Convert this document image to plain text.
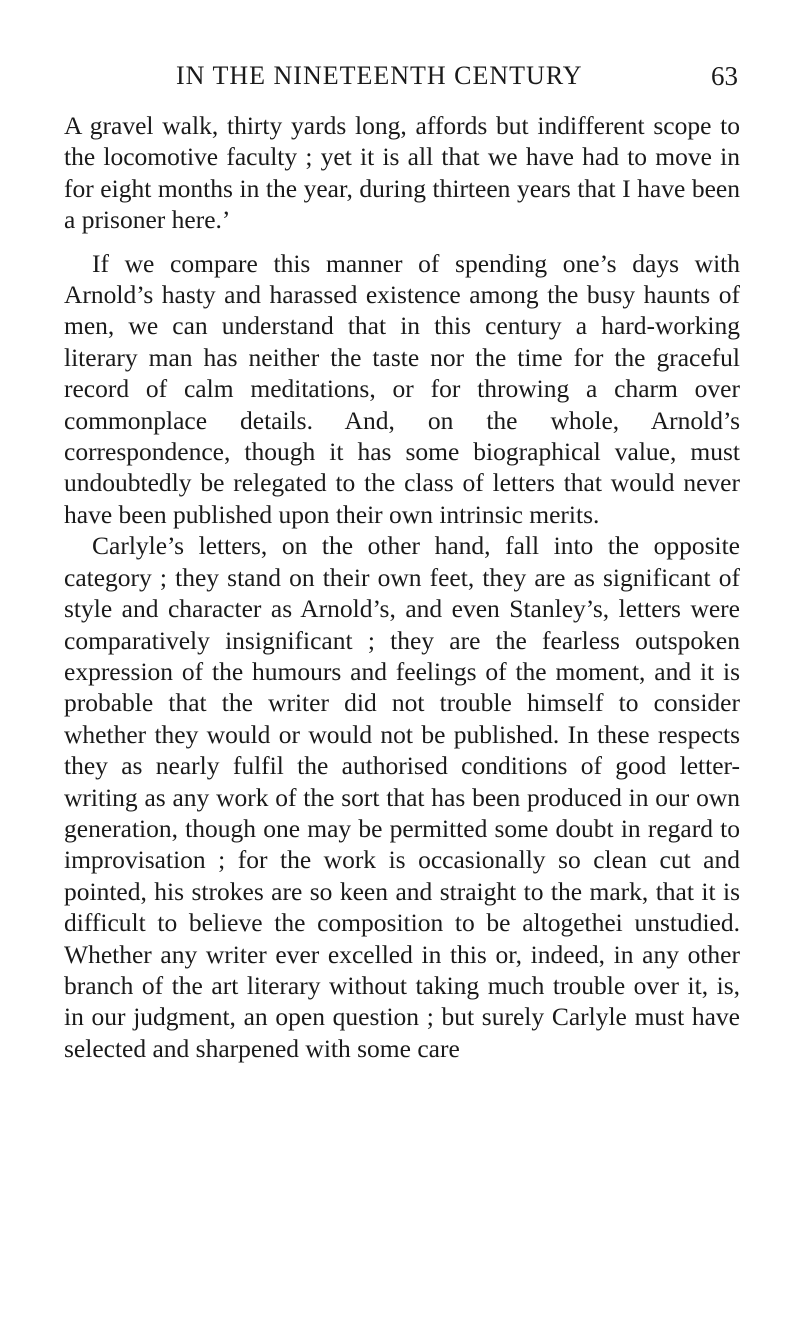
IN THE NINETEENTH CENTURY	63

A gravel walk, thirty yards long, affords but indifferent scope to the locomotive faculty ; yet it is all that we have had to move in for eight months in the year, during thirteen years that I have been a prisoner here.’

If we compare this manner of spending one’s days with Arnold’s hasty and harassed existence among the busy haunts of men, we can understand that in this century a hard-working literary man has neither the taste nor the time for the graceful record of calm meditations, or for throwing a charm over commonplace details. And, on the whole, Arnold’s correspondence, though it has some biographical value, must undoubtedly be relegated to the class of letters that would never have been published upon their own intrinsic merits.

Carlyle’s letters, on the other hand, fall into the opposite category ; they stand on their own feet, they are as significant of style and character as Arnold’s, and even Stanley’s, letters were comparatively insignificant ; they are the fearless outspoken expression of the humours and feelings of the moment, and it is probable that the writer did not trouble himself to consider whether they would or would not be published. In these respects they as nearly fulfil the authorised conditions of good letter-writing as any work of the sort that has been produced in our own generation, though one may be permitted some doubt in regard to improvisation ; for the work is occasionally so clean cut and pointed, his strokes are so keen and straight to the mark, that it is difficult to believe the composition to be altogethei unstudied. Whether any writer ever excelled in this or, indeed, in any other branch of the art literary without taking much trouble over it, is, in our judgment, an open question ; but surely Carlyle must have selected and sharpened with some care
